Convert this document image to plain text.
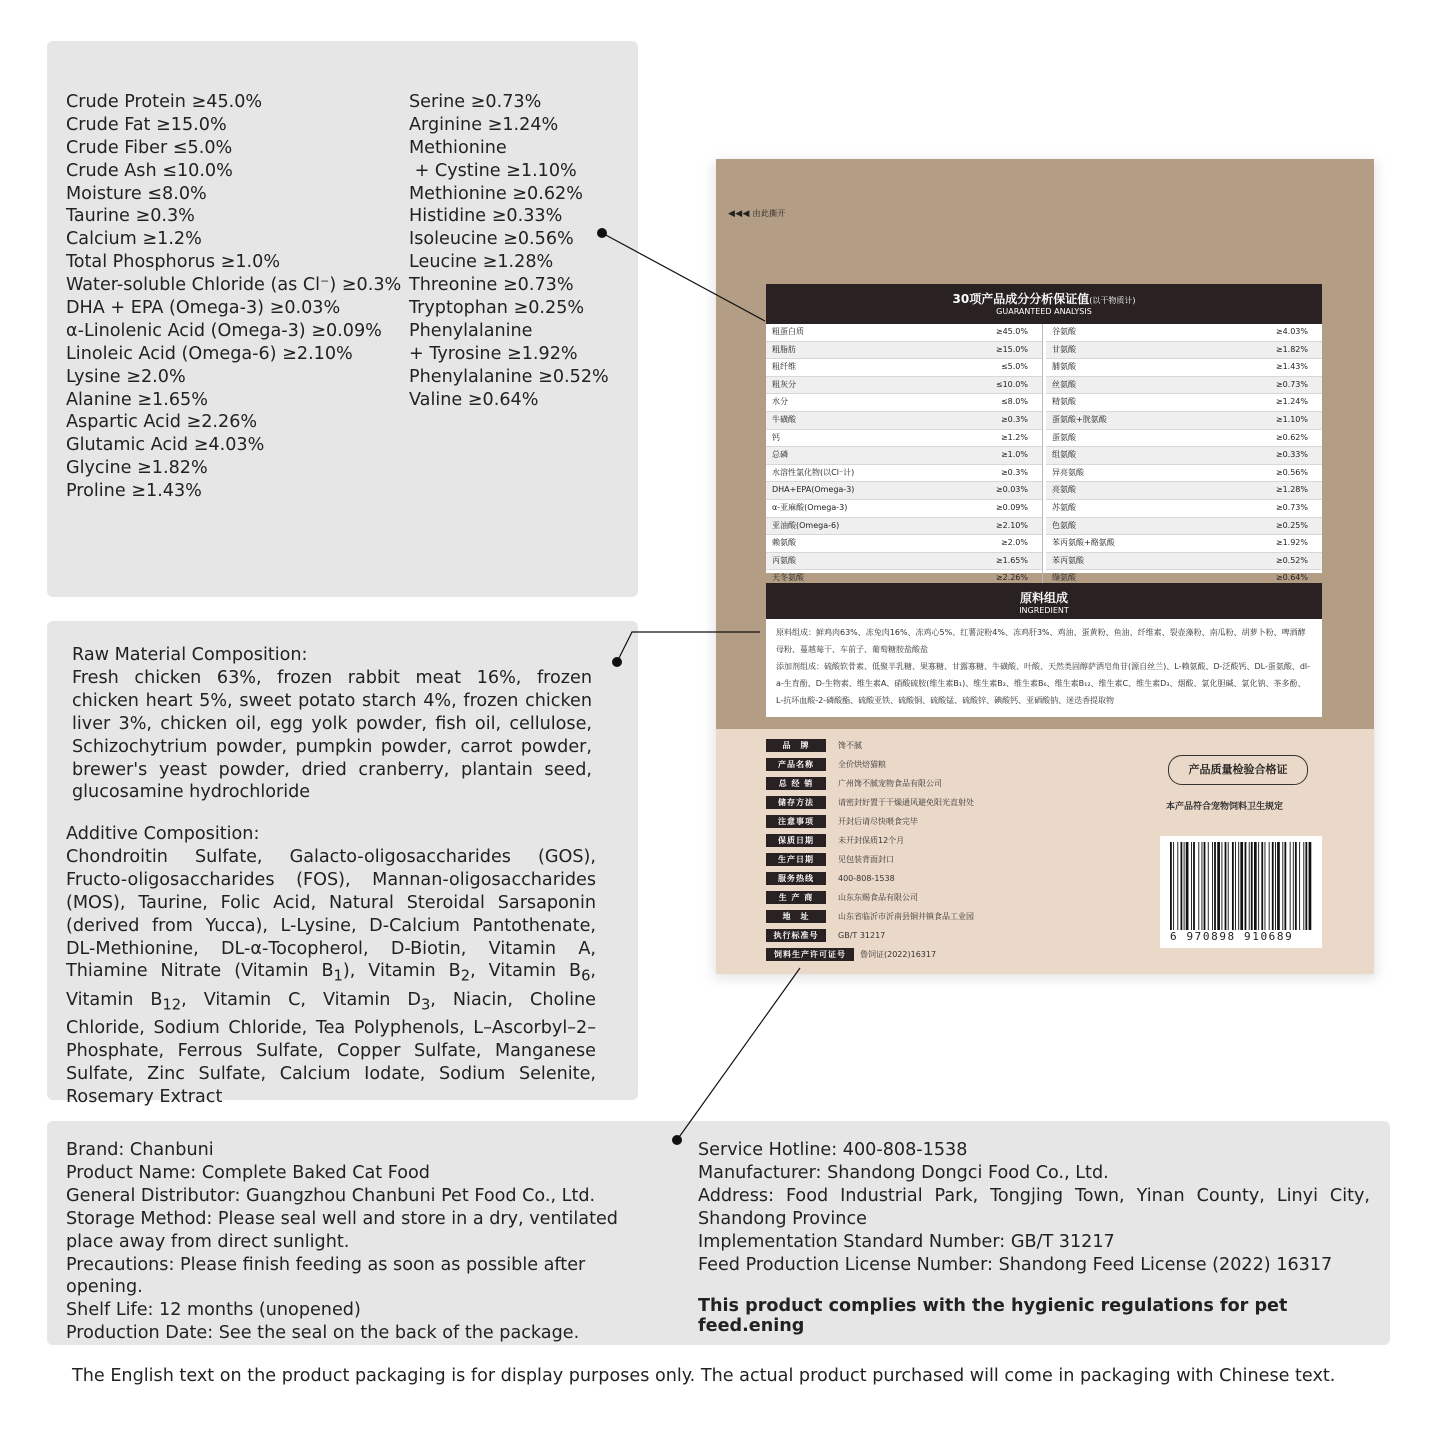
Crude Protein ≥45.0%
Crude Fat ≥15.0%
Crude Fiber ≤5.0%
Crude Ash ≤10.0%
Moisture ≤8.0%
Taurine ≥0.3%
Calcium ≥1.2%
Total Phosphorus ≥1.0%
Water-soluble Chloride (as Cl⁻) ≥0.3%
DHA + EPA (Omega-3) ≥0.03%
α-Linolenic Acid (Omega-3) ≥0.09%
Linoleic Acid (Omega-6) ≥2.10%
Lysine ≥2.0%
Alanine ≥1.65%
Aspartic Acid ≥2.26%
Glutamic Acid ≥4.03%
Glycine ≥1.82%
Proline ≥1.43%
Serine ≥0.73%
Arginine ≥1.24%
Methionine
+ Cystine ≥1.10%
Methionine ≥0.62%
Histidine ≥0.33%
Isoleucine ≥0.56%
Leucine ≥1.28%
Threonine ≥0.73%
Tryptophan ≥0.25%
Phenylalanine
+ Tyrosine ≥1.92%
Phenylalanine ≥0.52%
Valine ≥0.64%
Raw Material Composition:
Fresh chicken 63%, frozen rabbit meat 16%, frozen chicken heart 5%, sweet potato starch 4%, frozen chicken liver 3%, chicken oil, egg yolk powder, fish oil, cellulose, Schizochytrium powder, pumpkin powder, carrot powder, brewer's yeast powder, dried cranberry, plantain seed, glucosamine hydrochloride
Additive Composition:
Chondroitin Sulfate, Galacto-oligosaccharides (GOS), Fructo-oligosaccharides (FOS), Mannan-oligosaccharides (MOS), Taurine, Folic Acid, Natural Steroidal Sarsaponin (derived from Yucca), L-Lysine, D-Calcium Pantothenate, DL-Methionine, DL-α-Tocopherol, D-Biotin, Vitamin A, Thiamine Nitrate (Vitamin $B_1$), Vitamin $B_2$, Vitamin $B_6$, Vitamin $B_{12}$, Vitamin C, Vitamin $D_3$, Niacin, Choline Chloride, Sodium Chloride, Tea Polyphenols, L–Ascorbyl–2–Phosphate, Ferrous Sulfate, Copper Sulfate, Manganese Sulfate, Zinc Sulfate, Calcium Iodate, Sodium Selenite, Rosemary Extract
Brand: Chanbuni
Product Name: Complete Baked Cat Food
General Distributor: Guangzhou Chanbuni Pet Food Co., Ltd.
Storage Method: Please seal well and store in a dry, ventilated place away from direct sunlight.
Precautions: Please finish feeding as soon as possible after opening.
Shelf Life: 12 months (unopened)
Production Date: See the seal on the back of the package.
Service Hotline: 400-808-1538
Manufacturer: Shandong Dongci Food Co., Ltd.
Address: Food Industrial Park, Tongjing Town, Yinan County, Linyi City, Shandong Province
Implementation Standard Number: GB/T 31217
Feed Production License Number: Shandong Feed License (2022) 16317
This product complies with the hygienic regulations for pet feed.ening
The English text on the product packaging is for display purposes only. The actual product purchased will come in packaging with Chinese text.
◀◀◀ 由此撕开
30项产品成分分析保证值(以干物质计)
GUARANTEED ANALYSIS
粗蛋白质	≥45.0%
粗脂肪	≥15.0%
粗纤维	≤5.0%
粗灰分	≤10.0%
水分	≤8.0%
牛磺酸	≥0.3%
钙	≥1.2%
总磷	≥1.0%
水溶性氯化物(以Cl⁻计)	≥0.3%
DHA+EPA(Omega-3)	≥0.03%
α-亚麻酸(Omega-3)	≥0.09%
亚油酸(Omega-6)	≥2.10%
赖氨酸	≥2.0%
丙氨酸	≥1.65%
天冬氨酸	≥2.26%
谷氨酸	≥4.03%
甘氨酸	≥1.82%
脯氨酸	≥1.43%
丝氨酸	≥0.73%
精氨酸	≥1.24%
蛋氨酸+胱氨酸	≥1.10%
蛋氨酸	≥0.62%
组氨酸	≥0.33%
异亮氨酸	≥0.56%
亮氨酸	≥1.28%
苏氨酸	≥0.73%
色氨酸	≥0.25%
苯丙氨酸+酪氨酸	≥1.92%
苯丙氨酸	≥0.52%
缬氨酸	≥0.64%
原料组成
INGREDIENT
原料组成：鲜鸡肉63%、冻兔肉16%、冻鸡心5%、红薯淀粉4%、冻鸡肝3%、鸡油、蛋黄粉、鱼油、纤维素、裂壶藻粉、南瓜粉、胡萝卜粉、啤酒酵母粉、蔓越莓干、车前子、葡萄糖胺盐酸盐
添加剂组成：硫酸软骨素、低聚半乳糖、果寡糖、甘露寡糖、牛磺酸、叶酸、天然类固醇萨洒皂角苷(源自丝兰)、L-赖氨酸、D-泛酸钙、DL-蛋氨酸、dl-a-生育酚、D-生物素、维生素A、硝酸硫胺(维生素B₁)、维生素B₂、维生素B₆、维生素B₁₂、维生素C、维生素D₃、烟酸、氯化胆碱、氯化钠、茶多酚、L-抗坏血酸-2-磷酸酯、硫酸亚铁、硫酸铜、硫酸锰、硫酸锌、碘酸钙、亚硒酸钠、迷迭香提取物
品　牌	馋不腻
产品名称	全价烘焙猫粮
总 经 销	广州馋不腻宠物食品有限公司
储存方法	请密封好置于干燥通风避免阳光直射处
注意事项	开封后请尽快喂食完毕
保质日期	未开封保质12个月
生产日期	见包装背面封口
服务热线	400-808-1538
生 产 商	山东东赐食品有限公司
地　址	山东省临沂市沂南县铜井镇食品工业园
执行标准号	GB/T 31217
饲料生产许可证号	鲁饲证(2022)16317
产品质量检验合格证
本产品符合宠物饲料卫生规定
6 970898 910689
